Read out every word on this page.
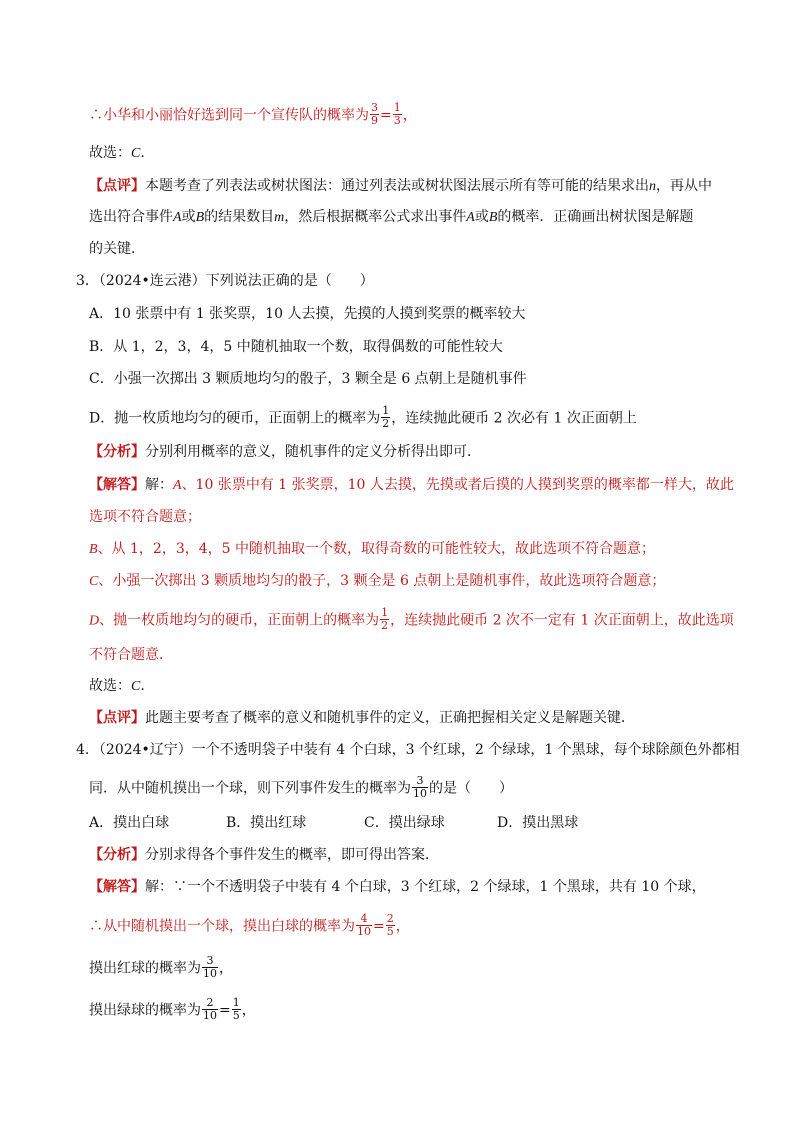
∴小华和小丽恰好选到同一个宣传队的概率为 $\frac{3}{9} = \frac{1}{3}$ ，
故选：C.
【点评】本题考查了列表法或树状图法：通过列表法或树状图法展示所有等可能的结果求出n，再从中
选出符合事件A或B的结果数目m，然后根据概率公式求出事件A或B的概率．正确画出树状图是解题
的关键．
3．（2024•连云港）下列说法正确的是（　　）
A．10 张票中有 1 张奖票，10 人去摸，先摸的人摸到奖票的概率较大
B．从 1，2，3，4，5 中随机抽取一个数，取得偶数的可能性较大
C．小强一次掷出 3 颗质地均匀的骰子，3 颗全是 6 点朝上是随机事件
D．抛一枚质地均匀的硬币，正面朝上的概率为 $\frac{1}{2}$ ，连续抛此硬币 2 次必有 1 次正面朝上
【分析】分别利用概率的意义，随机事件的定义分析得出即可．
【解答】解：A、10 张票中有 1 张奖票，10 人去摸，先摸或者后摸的人摸到奖票的概率都一样大，故此
选项不符合题意；
B、从 1，2，3，4，5 中随机抽取一个数，取得奇数的可能性较大，故此选项不符合题意；
C、小强一次掷出 3 颗质地均匀的骰子，3 颗全是 6 点朝上是随机事件，故此选项符合题意；
D、抛一枚质地均匀的硬币，正面朝上的概率为 $\frac{1}{2}$ ，连续抛此硬币 2 次不一定有 1 次正面朝上，故此选项
不符合题意．
故选：C.
【点评】此题主要考查了概率的意义和随机事件的定义，正确把握相关定义是解题关键．
4．（2024•辽宁）一个不透明袋子中装有 4 个白球，3 个红球，2 个绿球，1 个黑球，每个球除颜色外都相
同．从中随机摸出一个球，则下列事件发生的概率为 $\frac{3}{10}$ 的是（　　）
A．摸出白球	B．摸出红球	C．摸出绿球	D．摸出黑球
【分析】分别求得各个事件发生的概率，即可得出答案．
【解答】解：∵一个不透明袋子中装有 4 个白球，3 个红球，2 个绿球，1 个黑球，共有 10 个球，
∴从中随机摸出一个球，摸出白球的概率为 $\frac{4}{10} = \frac{2}{5}$ ，
摸出红球的概率为 $\frac{3}{10}$ ，
摸出绿球的概率为 $\frac{2}{10} = \frac{1}{5}$ ，
